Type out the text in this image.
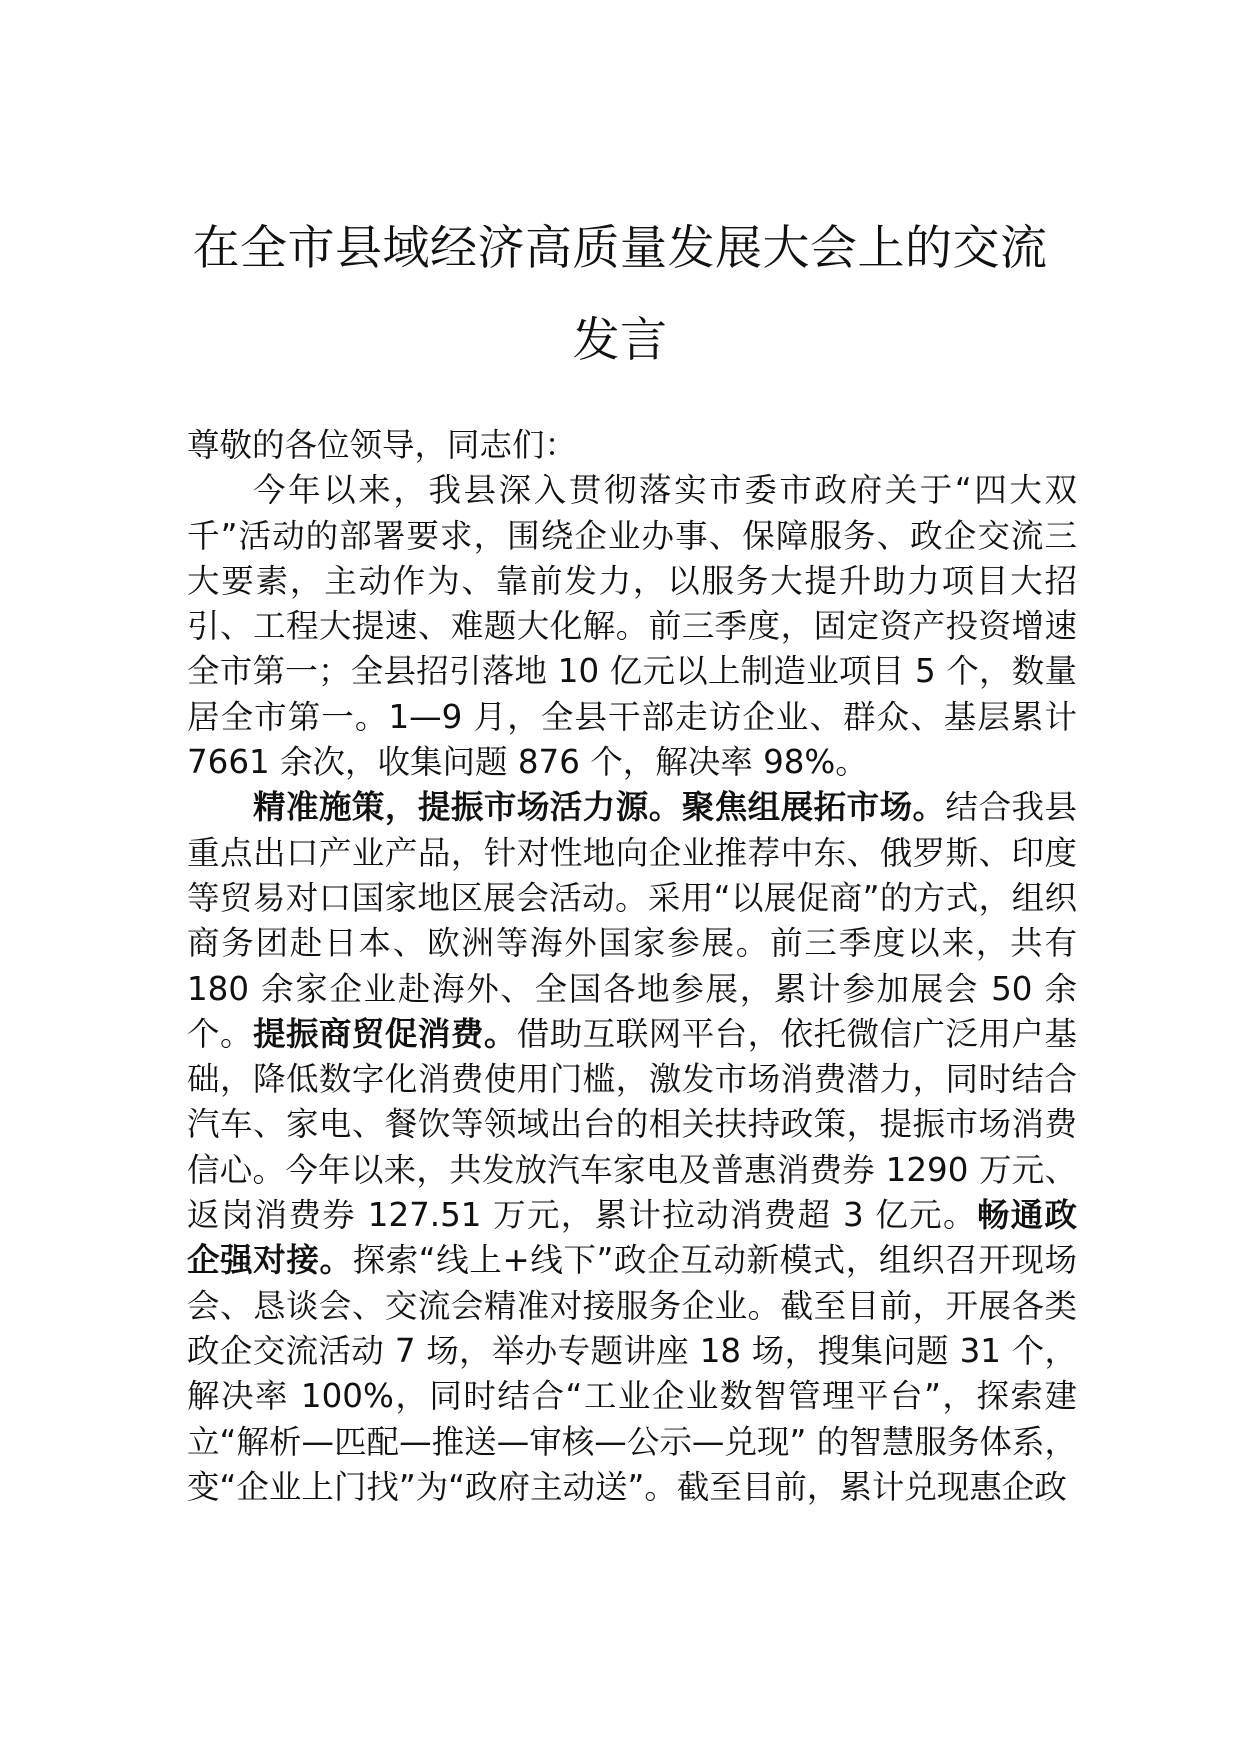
在全市县域经济高质量发展大会上的交流
发言

尊敬的各位领导，同志们：

今年以来，我县深入贯彻落实市委市政府关于“四大双千”活动的部署要求，围绕企业办事、保障服务、政企交流三大要素，主动作为、靠前发力，以服务大提升助力项目大招引、工程大提速、难题大化解。前三季度，固定资产投资增速全市第一；全县招引落地 10 亿元以上制造业项目 5 个，数量居全市第一。1—9 月，全县干部走访企业、群众、基层累计 7661 余次，收集问题 876 个，解决率 98%。

精准施策，提振市场活力源。聚焦组展拓市场。结合我县重点出口产业产品，针对性地向企业推荐中东、俄罗斯、印度等贸易对口国家地区展会活动。采用“以展促商”的方式，组织商务团赴日本、欧洲等海外国家参展。前三季度以来，共有 180 余家企业赴海外、全国各地参展，累计参加展会 50 余个。提振商贸促消费。借助互联网平台，依托微信广泛用户基础，降低数字化消费使用门槛，激发市场消费潜力，同时结合汽车、家电、餐饮等领域出台的相关扶持政策，提振市场消费信心。今年以来，共发放汽车家电及普惠消费券 1290 万元、返岗消费券 127.51 万元，累计拉动消费超 3 亿元。畅通政企强对接。探索“线上+线下”政企互动新模式，组织召开现场会、恳谈会、交流会精准对接服务企业。截至目前，开展各类政企交流活动 7 场，举办专题讲座 18 场，搜集问题 31 个，解决率 100%，同时结合“工业企业数智管理平台”，探索建立“解析—匹配—推送—审核—公示—兑现” 的智慧服务体系，变“企业上门找”为“政府主动送”。截至目前，累计兑现惠企政
